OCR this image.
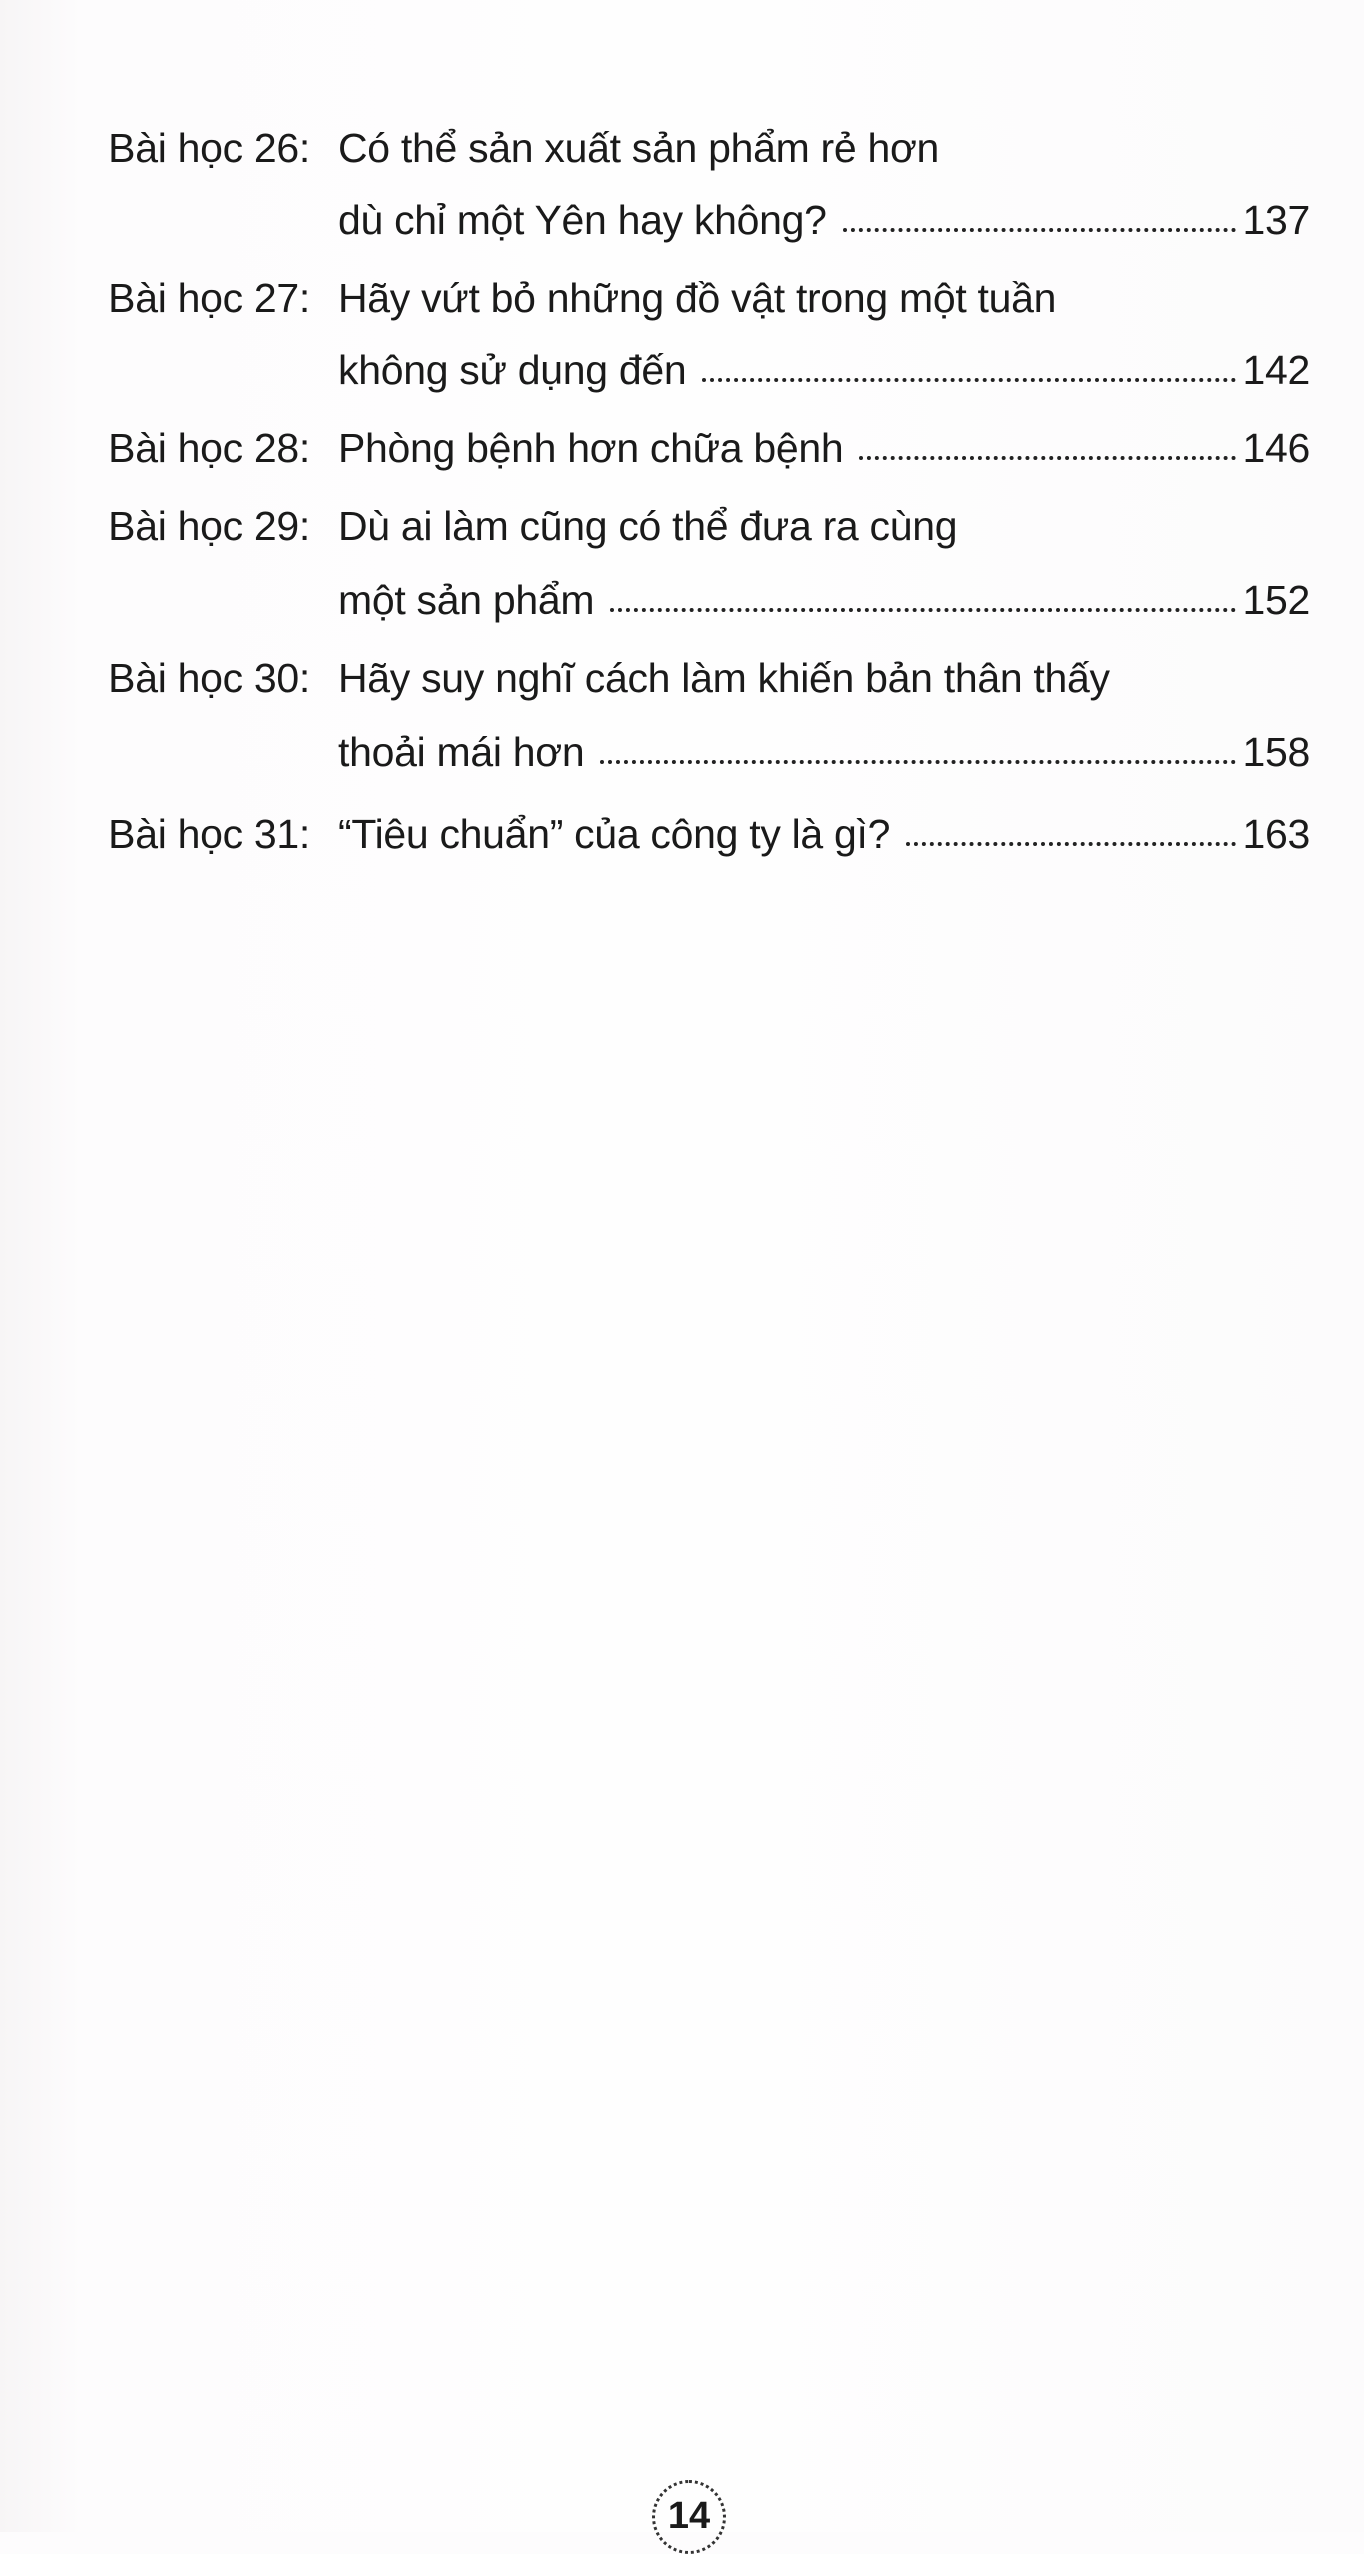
Bài học 26: Có thể sản xuất sản phẩm rẻ hơn
dù chỉ một Yên hay không?	137
Bài học 27: Hãy vứt bỏ những đồ vật trong một tuần
không sử dụng đến	142
Bài học 28: Phòng bệnh hơn chữa bệnh	146
Bài học 29: Dù ai làm cũng có thể đưa ra cùng
một sản phẩm	152
Bài học 30: Hãy suy nghĩ cách làm khiến bản thân thấy
thoải mái hơn	158
Bài học 31: “Tiêu chuẩn” của công ty là gì?	163
14
